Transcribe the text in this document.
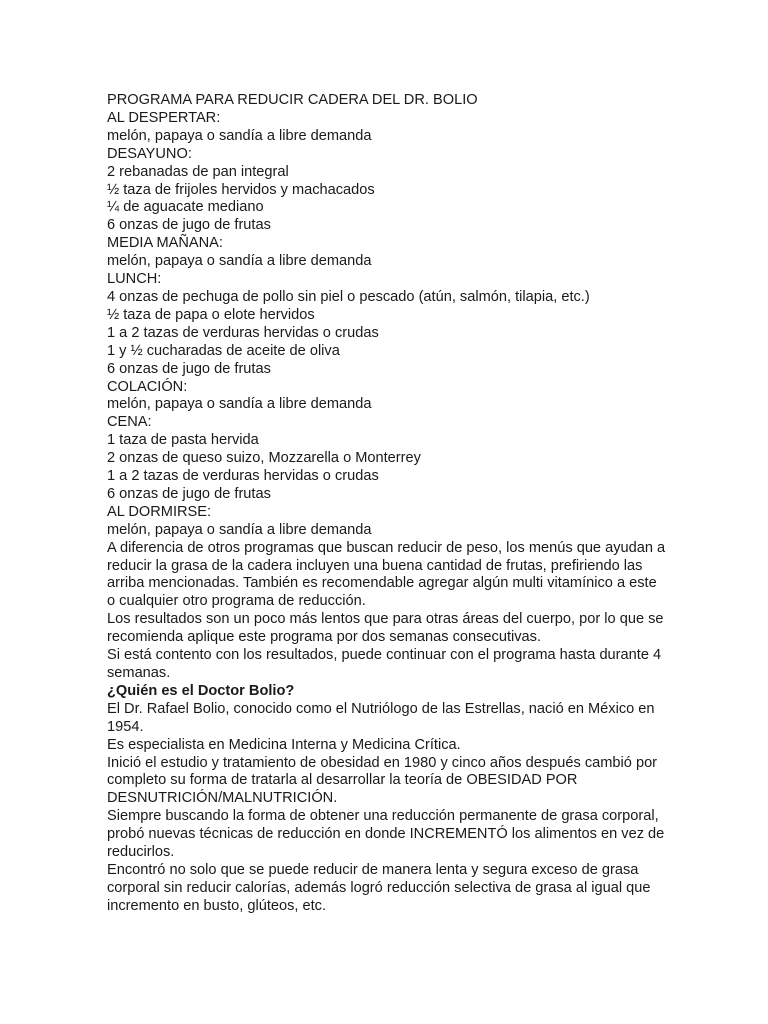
PROGRAMA PARA REDUCIR CADERA DEL DR. BOLIO
AL DESPERTAR:
melón, papaya o sandía a libre demanda
DESAYUNO:
2 rebanadas de pan integral
½ taza de frijoles hervidos y machacados
¼ de aguacate mediano
6 onzas de jugo de frutas
MEDIA MAÑANA:
melón, papaya o sandía a libre demanda
LUNCH:
4 onzas de pechuga de pollo sin piel o pescado (atún, salmón, tilapia, etc.)
½ taza de papa o elote hervidos
1 a 2 tazas de verduras hervidas o crudas
1 y ½ cucharadas de aceite de oliva
6 onzas de jugo de frutas
COLACIÓN:
melón, papaya o sandía a libre demanda
CENA:
1 taza de pasta hervida
2 onzas de queso suizo, Mozzarella o Monterrey
1 a 2 tazas de verduras hervidas o crudas
6 onzas de jugo de frutas
AL DORMIRSE:
melón, papaya o sandía a libre demanda
A diferencia de otros programas que buscan reducir de peso, los menús que ayudan a reducir la grasa de la cadera incluyen una buena cantidad de frutas, prefiriendo las arriba mencionadas. También es recomendable agregar algún multi vitamínico a este o cualquier otro programa de reducción.
Los resultados son un poco más lentos que para otras áreas del cuerpo, por lo que se recomienda aplique este programa por dos semanas consecutivas.
Si está contento con los resultados, puede continuar con el programa hasta durante 4 semanas.
¿Quién es el Doctor Bolio?
El Dr. Rafael Bolio, conocido como el Nutriólogo de las Estrellas, nació en México en 1954.
Es especialista en Medicina Interna y Medicina Crítica.
Inició el estudio y tratamiento de obesidad en 1980 y cinco años después cambió por completo su forma de tratarla al desarrollar la teoría de OBESIDAD POR DESNUTRICIÓN/MALNUTRICIÓN.
Siempre buscando la forma de obtener una reducción permanente de grasa corporal, probó nuevas técnicas de reducción en donde INCREMENTÓ los alimentos en vez de reducirlos.
Encontró no solo que se puede reducir de manera lenta y segura exceso de grasa corporal sin reducir calorías, además logró reducción selectiva de grasa al igual que incremento en busto, glúteos, etc.
